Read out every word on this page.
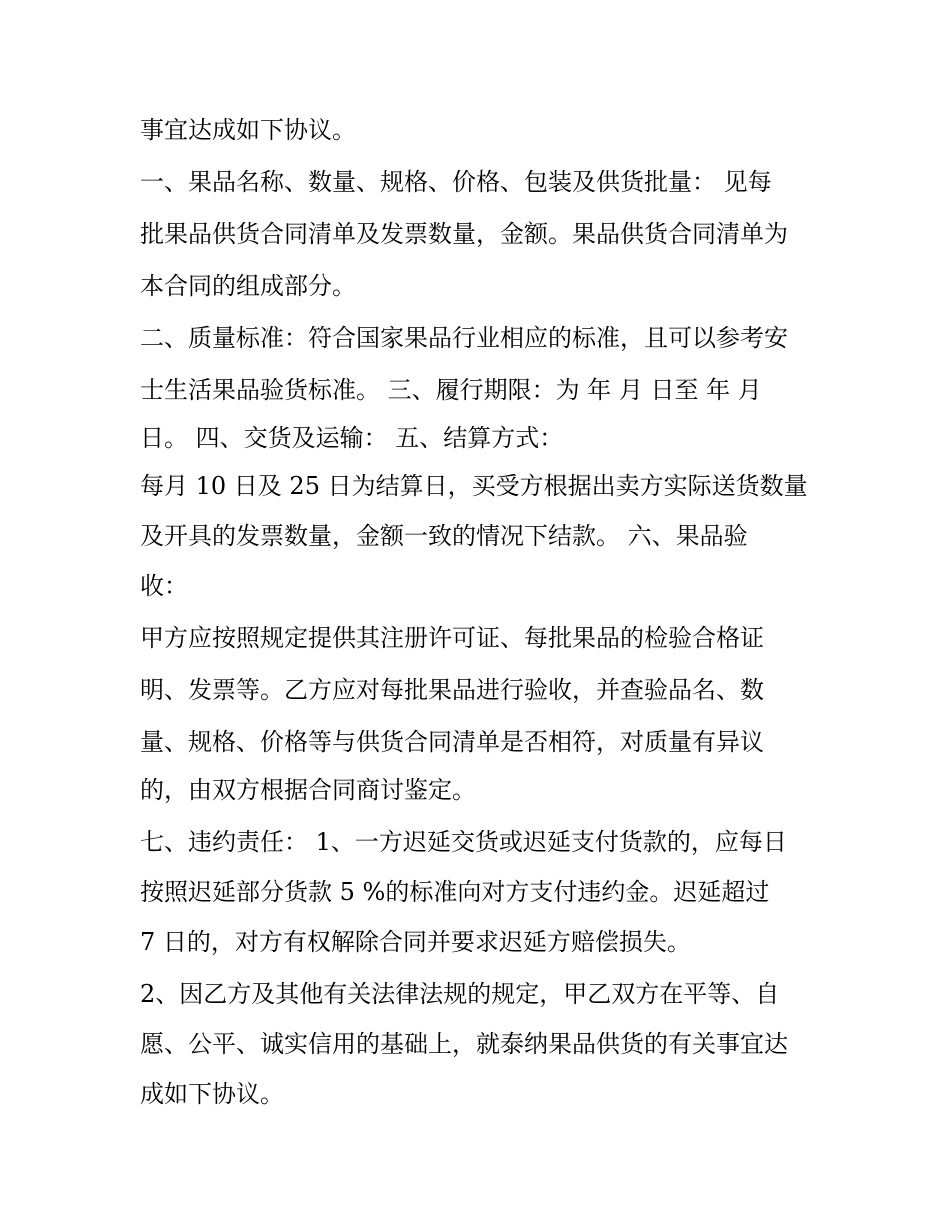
事宜达成如下协议。
一、果品名称、数量、规格、价格、包装及供货批量： 见每
批果品供货合同清单及发票数量，金额。果品供货合同清单为
本合同的组成部分。
二、质量标准：符合国家果品行业相应的标准，且可以参考安
士生活果品验货标准。 三、履行期限：为 年 月 日至 年 月
日。 四、交货及运输： 五、结算方式：
每月 10 日及 25 日为结算日，买受方根据出卖方实际送货数量
及开具的发票数量，金额一致的情况下结款。 六、果品验
收：
甲方应按照规定提供其注册许可证、每批果品的检验合格证
明、发票等。乙方应对每批果品进行验收，并查验品名、数
量、规格、价格等与供货合同清单是否相符，对质量有异议
的，由双方根据合同商讨鉴定。
七、违约责任： 1、一方迟延交货或迟延支付货款的，应每日
按照迟延部分货款 5 %的标准向对方支付违约金。迟延超过
7 日的，对方有权解除合同并要求迟延方赔偿损失。
2、因乙方及其他有关法律法规的规定，甲乙双方在平等、自
愿、公平、诚实信用的基础上，就泰纳果品供货的有关事宜达
成如下协议。
